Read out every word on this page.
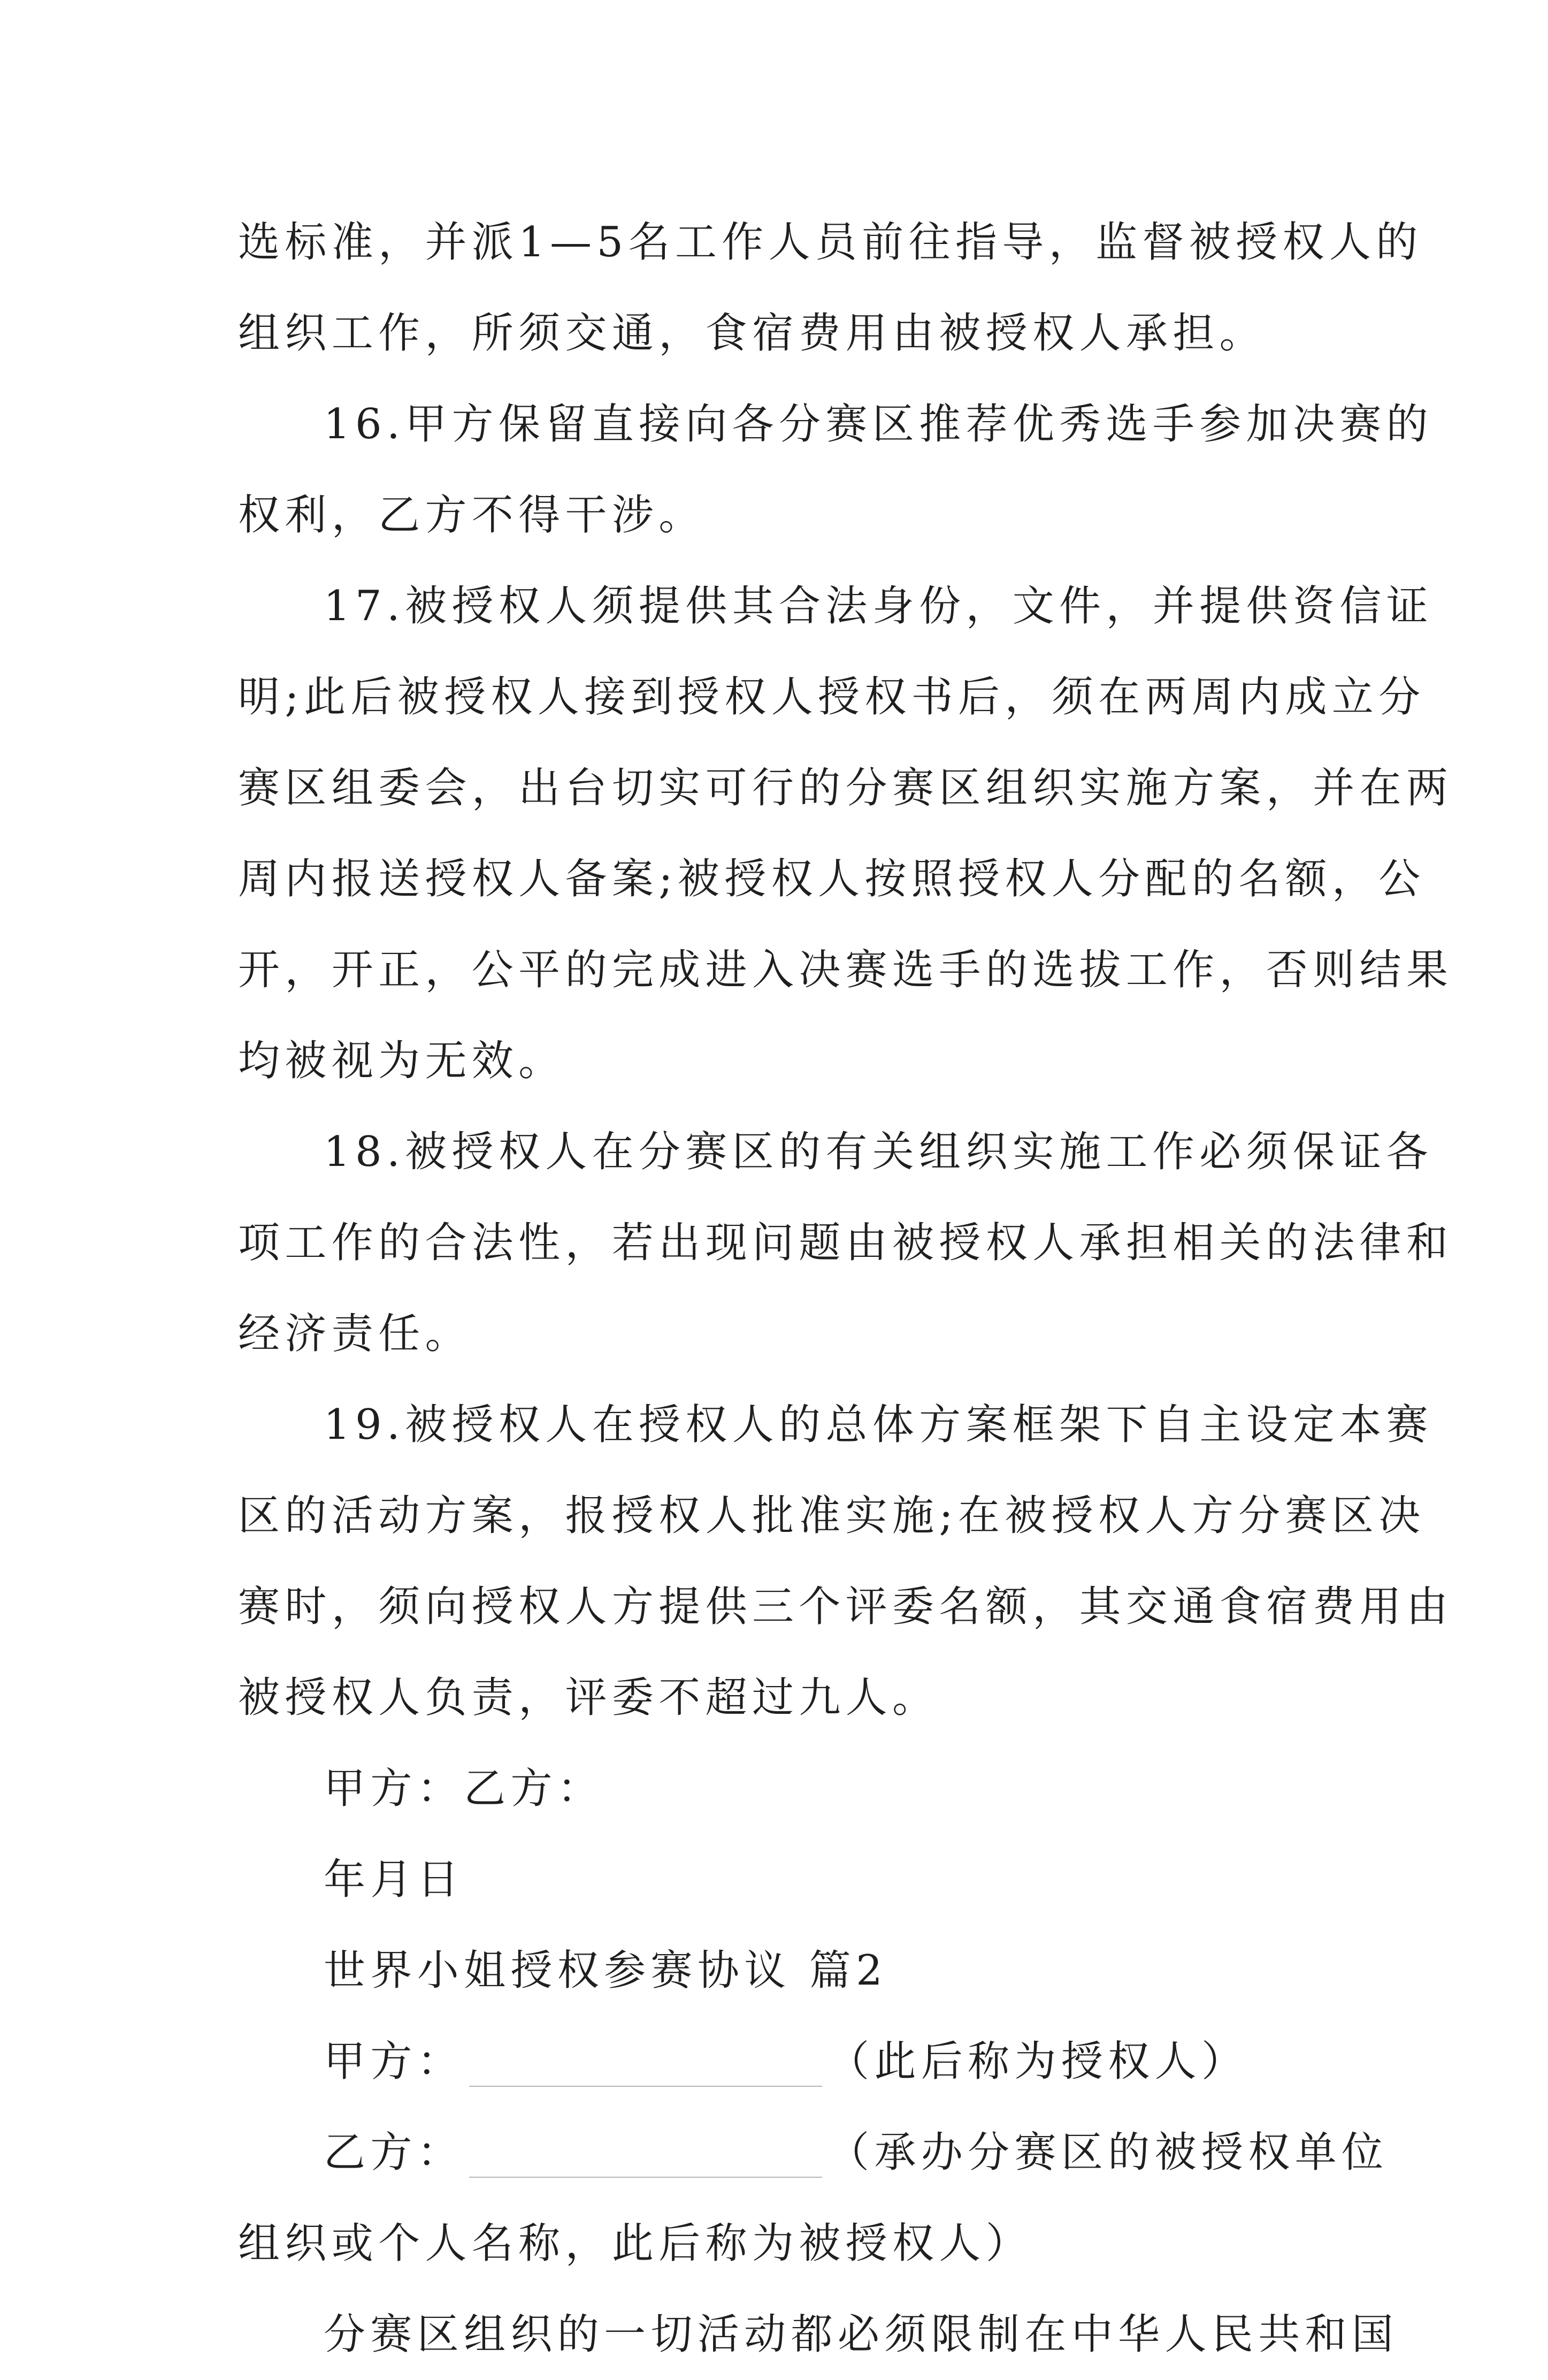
选标准，并派1—5名工作人员前往指导，监督被授权人的
组织工作，所须交通，食宿费用由被授权人承担。
16.甲方保留直接向各分赛区推荐优秀选手参加决赛的
权利，乙方不得干涉。
17.被授权人须提供其合法身份，文件，并提供资信证
明;此后被授权人接到授权人授权书后，须在两周内成立分
赛区组委会，出台切实可行的分赛区组织实施方案，并在两
周内报送授权人备案;被授权人按照授权人分配的名额，公
开，开正，公平的完成进入决赛选手的选拔工作，否则结果
均被视为无效。
18.被授权人在分赛区的有关组织实施工作必须保证各
项工作的合法性，若出现问题由被授权人承担相关的法律和
经济责任。
19.被授权人在授权人的总体方案框架下自主设定本赛
区的活动方案，报授权人批准实施;在被授权人方分赛区决
赛时，须向授权人方提供三个评委名额，其交通食宿费用由
被授权人负责，评委不超过九人。
甲方：乙方：
年月日
世界小姐授权参赛协议 篇2
甲方：	（此后称为授权人）
乙方：	（承办分赛区的被授权单位
组织或个人名称，此后称为被授权人）
分赛区组织的一切活动都必须限制在中华人民共和国
